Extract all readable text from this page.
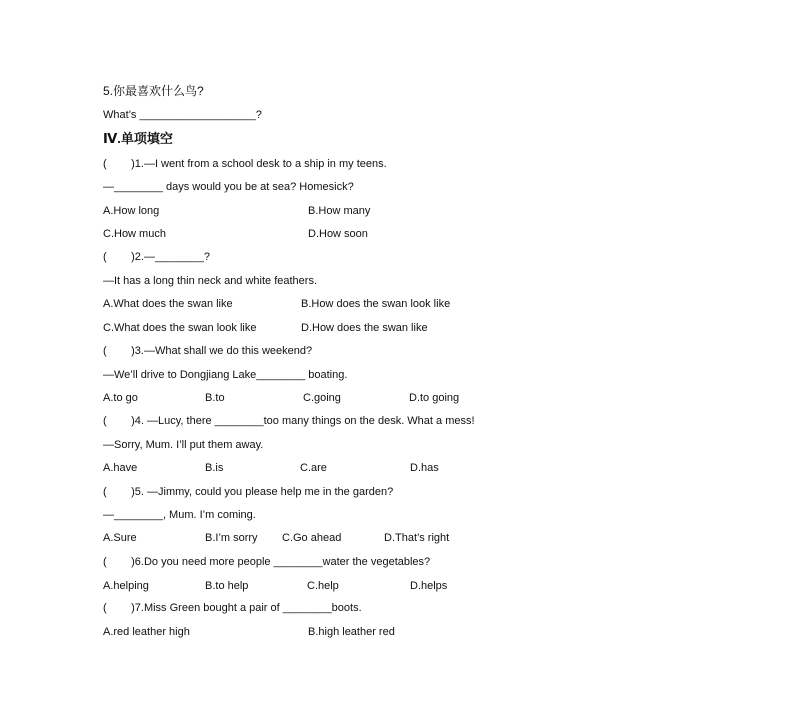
5.你最喜欢什么鸟?
What’s ___________________?
Ⅳ.单项填空
(        )1.—I went from a school desk to a ship in my teens.
—________ days would you be at sea? Homesick?

A.How long

	B.How many

C.How much

	D.How soon

(        )2.—________?
—It has a long thin neck and white feathers.

A.What does the swan like

	B.How does the swan look like

C.What does the swan look like

	D.How does the swan like

(        )3.—What shall we do this weekend?
—We’ll drive to Dongjiang Lake________ boating.

A.to go

	B.to

	C.going

	D.to going

(        )4. —Lucy, there ________too many things on the desk. What a mess!
—Sorry, Mum. I’ll put them away.

A.have

	B.is

	C.are

	D.has

(        )5. —Jimmy, could you please help me in the garden?
—________, Mum. I’m coming.

A.Sure

	B.I’m sorry

C.Go ahead

	D.That’s right

(        )6.Do you need more people ________water the vegetables?

A.helping

	B.to help

	C.help

	D.helps

(        )7.Miss Green bought a pair of ________boots.

A.red leather high

	B.high leather red
